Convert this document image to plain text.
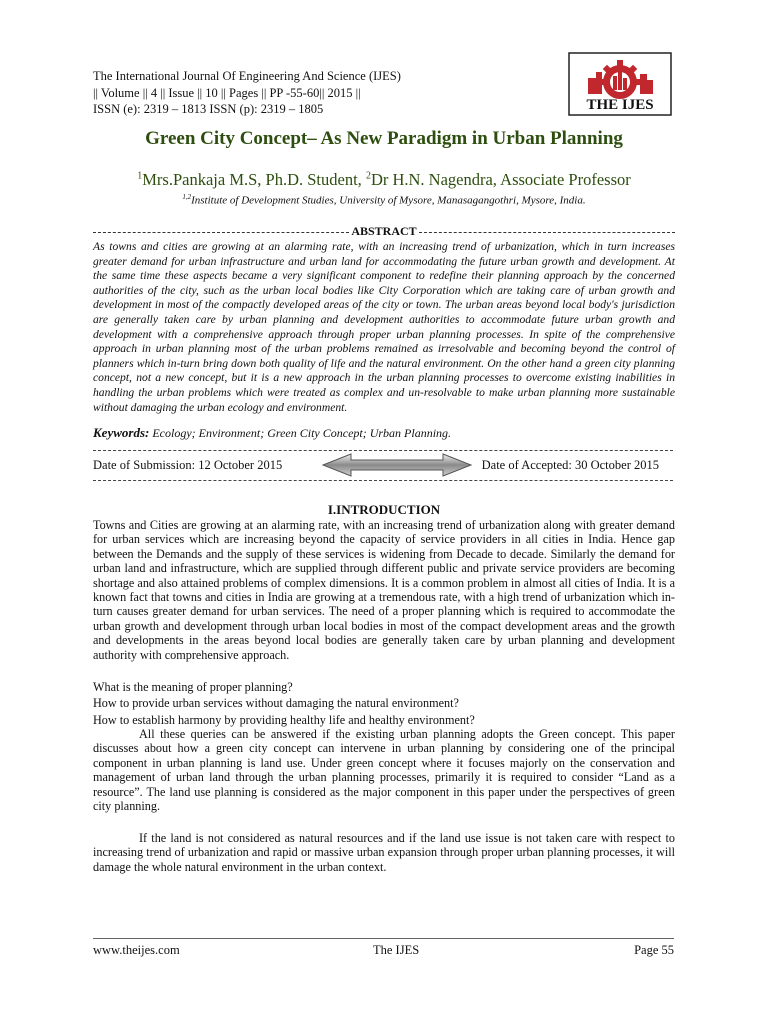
The International Journal Of Engineering And Science (IJES)
|| Volume || 4 || Issue || 10 || Pages || PP -55-60|| 2015 ||
ISSN (e): 2319 – 1813 ISSN (p): 2319 – 1805	THE IJES
Green City Concept– As New Paradigm in Urban Planning
$^1$Mrs.Pankaja M.S, Ph.D. Student, $^2$Dr H.N. Nagendra, Associate Professor
$^{1,2}$Institute of Development Studies, University of Mysore, Manasagangothri, Mysore, India.
ABSTRACT
As towns and cities are growing at an alarming rate, with an increasing trend of urbanization, which in turn increases greater demand for urban infrastructure and urban land for accommodating the future urban growth and development. At the same time these aspects became a very significant component to redefine their planning approach by the concerned authorities of the city, such as the urban local bodies like City Corporation which are taking care of urban growth and development in most of the compactly developed areas of the city or town. The urban areas beyond local body's jurisdiction are generally taken care by urban planning and development authorities to accommodate future urban growth and development with a comprehensive approach through proper urban planning processes. In spite of the comprehensive approach in urban planning most of the urban problems remained as irresolvable and becoming beyond the control of planners which in-turn bring down both quality of life and the natural environment. On the other hand a green city planning concept, not a new concept, but it is a new approach in the urban planning processes to overcome existing inabilities in handling the urban problems which were treated as complex and un-resolvable to make urban planning more sustainable without damaging the urban ecology and environment.
Keywords: Ecology; Environment; Green City Concept; Urban Planning.
Date of Submission: 12 October 2015	Date of Accepted: 30 October 2015
I.INTRODUCTION
Towns and Cities are growing at an alarming rate, with an increasing trend of urbanization along with greater demand for urban services which are increasing beyond the capacity of service providers in all cities in India. Hence gap between the Demands and the supply of these services is widening from Decade to decade. Similarly the demand for urban land and infrastructure, which are supplied through different public and private service providers are becoming shortage and also attained problems of complex dimensions. It is a common problem in almost all cities of India. It is a known fact that towns and cities in India are growing at a tremendous rate, with a high trend of urbanization which in-turn causes greater demand for urban services. The need of a proper planning which is required to accommodate the urban growth and development through urban local bodies in most of the compact development areas and the growth and developments in the areas beyond local bodies are generally taken care by urban planning and development authority with comprehensive approach.
What is the meaning of proper planning?
How to provide urban services without damaging the natural environment?
How to establish harmony by providing healthy life and healthy environment?
All these queries can be answered if the existing urban planning adopts the Green concept. This paper discusses about how a green city concept can intervene in urban planning by considering one of the principal component in urban planning is land use. Under green concept where it focuses majorly on the conservation and management of urban land through the urban planning processes, primarily it is required to consider “Land as a resource”. The land use planning is considered as the major component in this paper under the perspectives of green city planning.
If the land is not considered as natural resources and if the land use issue is not taken care with respect to increasing trend of urbanization and rapid or massive urban expansion through proper urban planning processes, it will damage the whole natural environment in the urban context.
www.theijes.com	The IJES	Page 55
